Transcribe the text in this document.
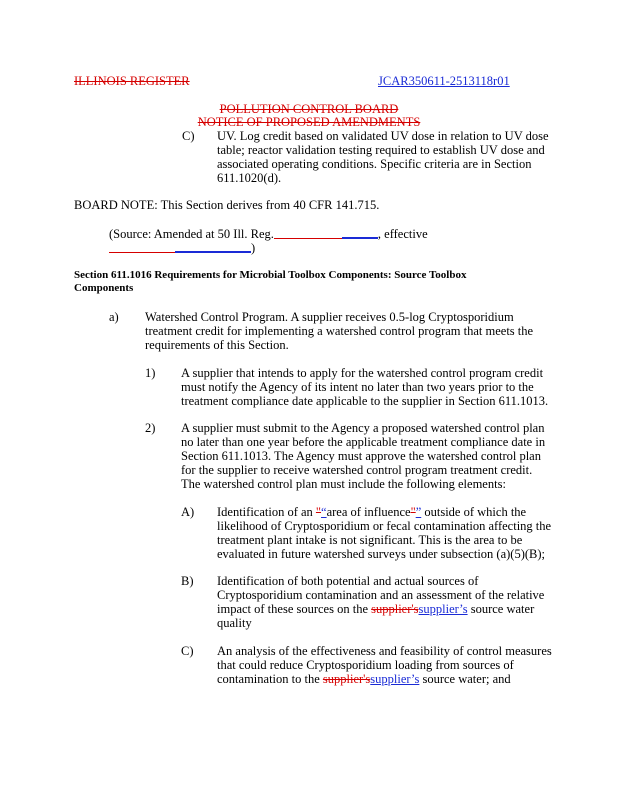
ILLINOIS REGISTER	JCAR350611-2513118r01
POLLUTION CONTROL BOARD
NOTICE OF PROPOSED AMENDMENTS
C) UV. Log credit based on validated UV dose in relation to UV dose
table; reactor validation testing required to establish UV dose and
associated operating conditions. Specific criteria are in Section
611.1020(d).
BOARD NOTE: This Section derives from 40 CFR 141.715.
(Source: Amended at 50 Ill. Reg.	, effective
)
Section 611.1016 Requirements for Microbial Toolbox Components: Source Toolbox
Components
a) Watershed Control Program. A supplier receives 0.5-log Cryptosporidium
treatment credit for implementing a watershed control program that meets the
requirements of this Section.
1) A supplier that intends to apply for the watershed control program credit
must notify the Agency of its intent no later than two years prior to the
treatment compliance date applicable to the supplier in Section 611.1013.
2) A supplier must submit to the Agency a proposed watershed control plan
no later than one year before the applicable treatment compliance date in
Section 611.1013. The Agency must approve the watershed control plan
for the supplier to receive watershed control program treatment credit.
The watershed control plan must include the following elements:
A) Identification of an "“area of influence"” outside of which the
likelihood of Cryptosporidium or fecal contamination affecting the
treatment plant intake is not significant. This is the area to be
evaluated in future watershed surveys under subsection (a)(5)(B);
B) Identification of both potential and actual sources of
Cryptosporidium contamination and an assessment of the relative
impact of these sources on the supplier'ssupplier’s source water
quality
C) An analysis of the effectiveness and feasibility of control measures
that could reduce Cryptosporidium loading from sources of
contamination to the supplier'ssupplier’s source water; and
